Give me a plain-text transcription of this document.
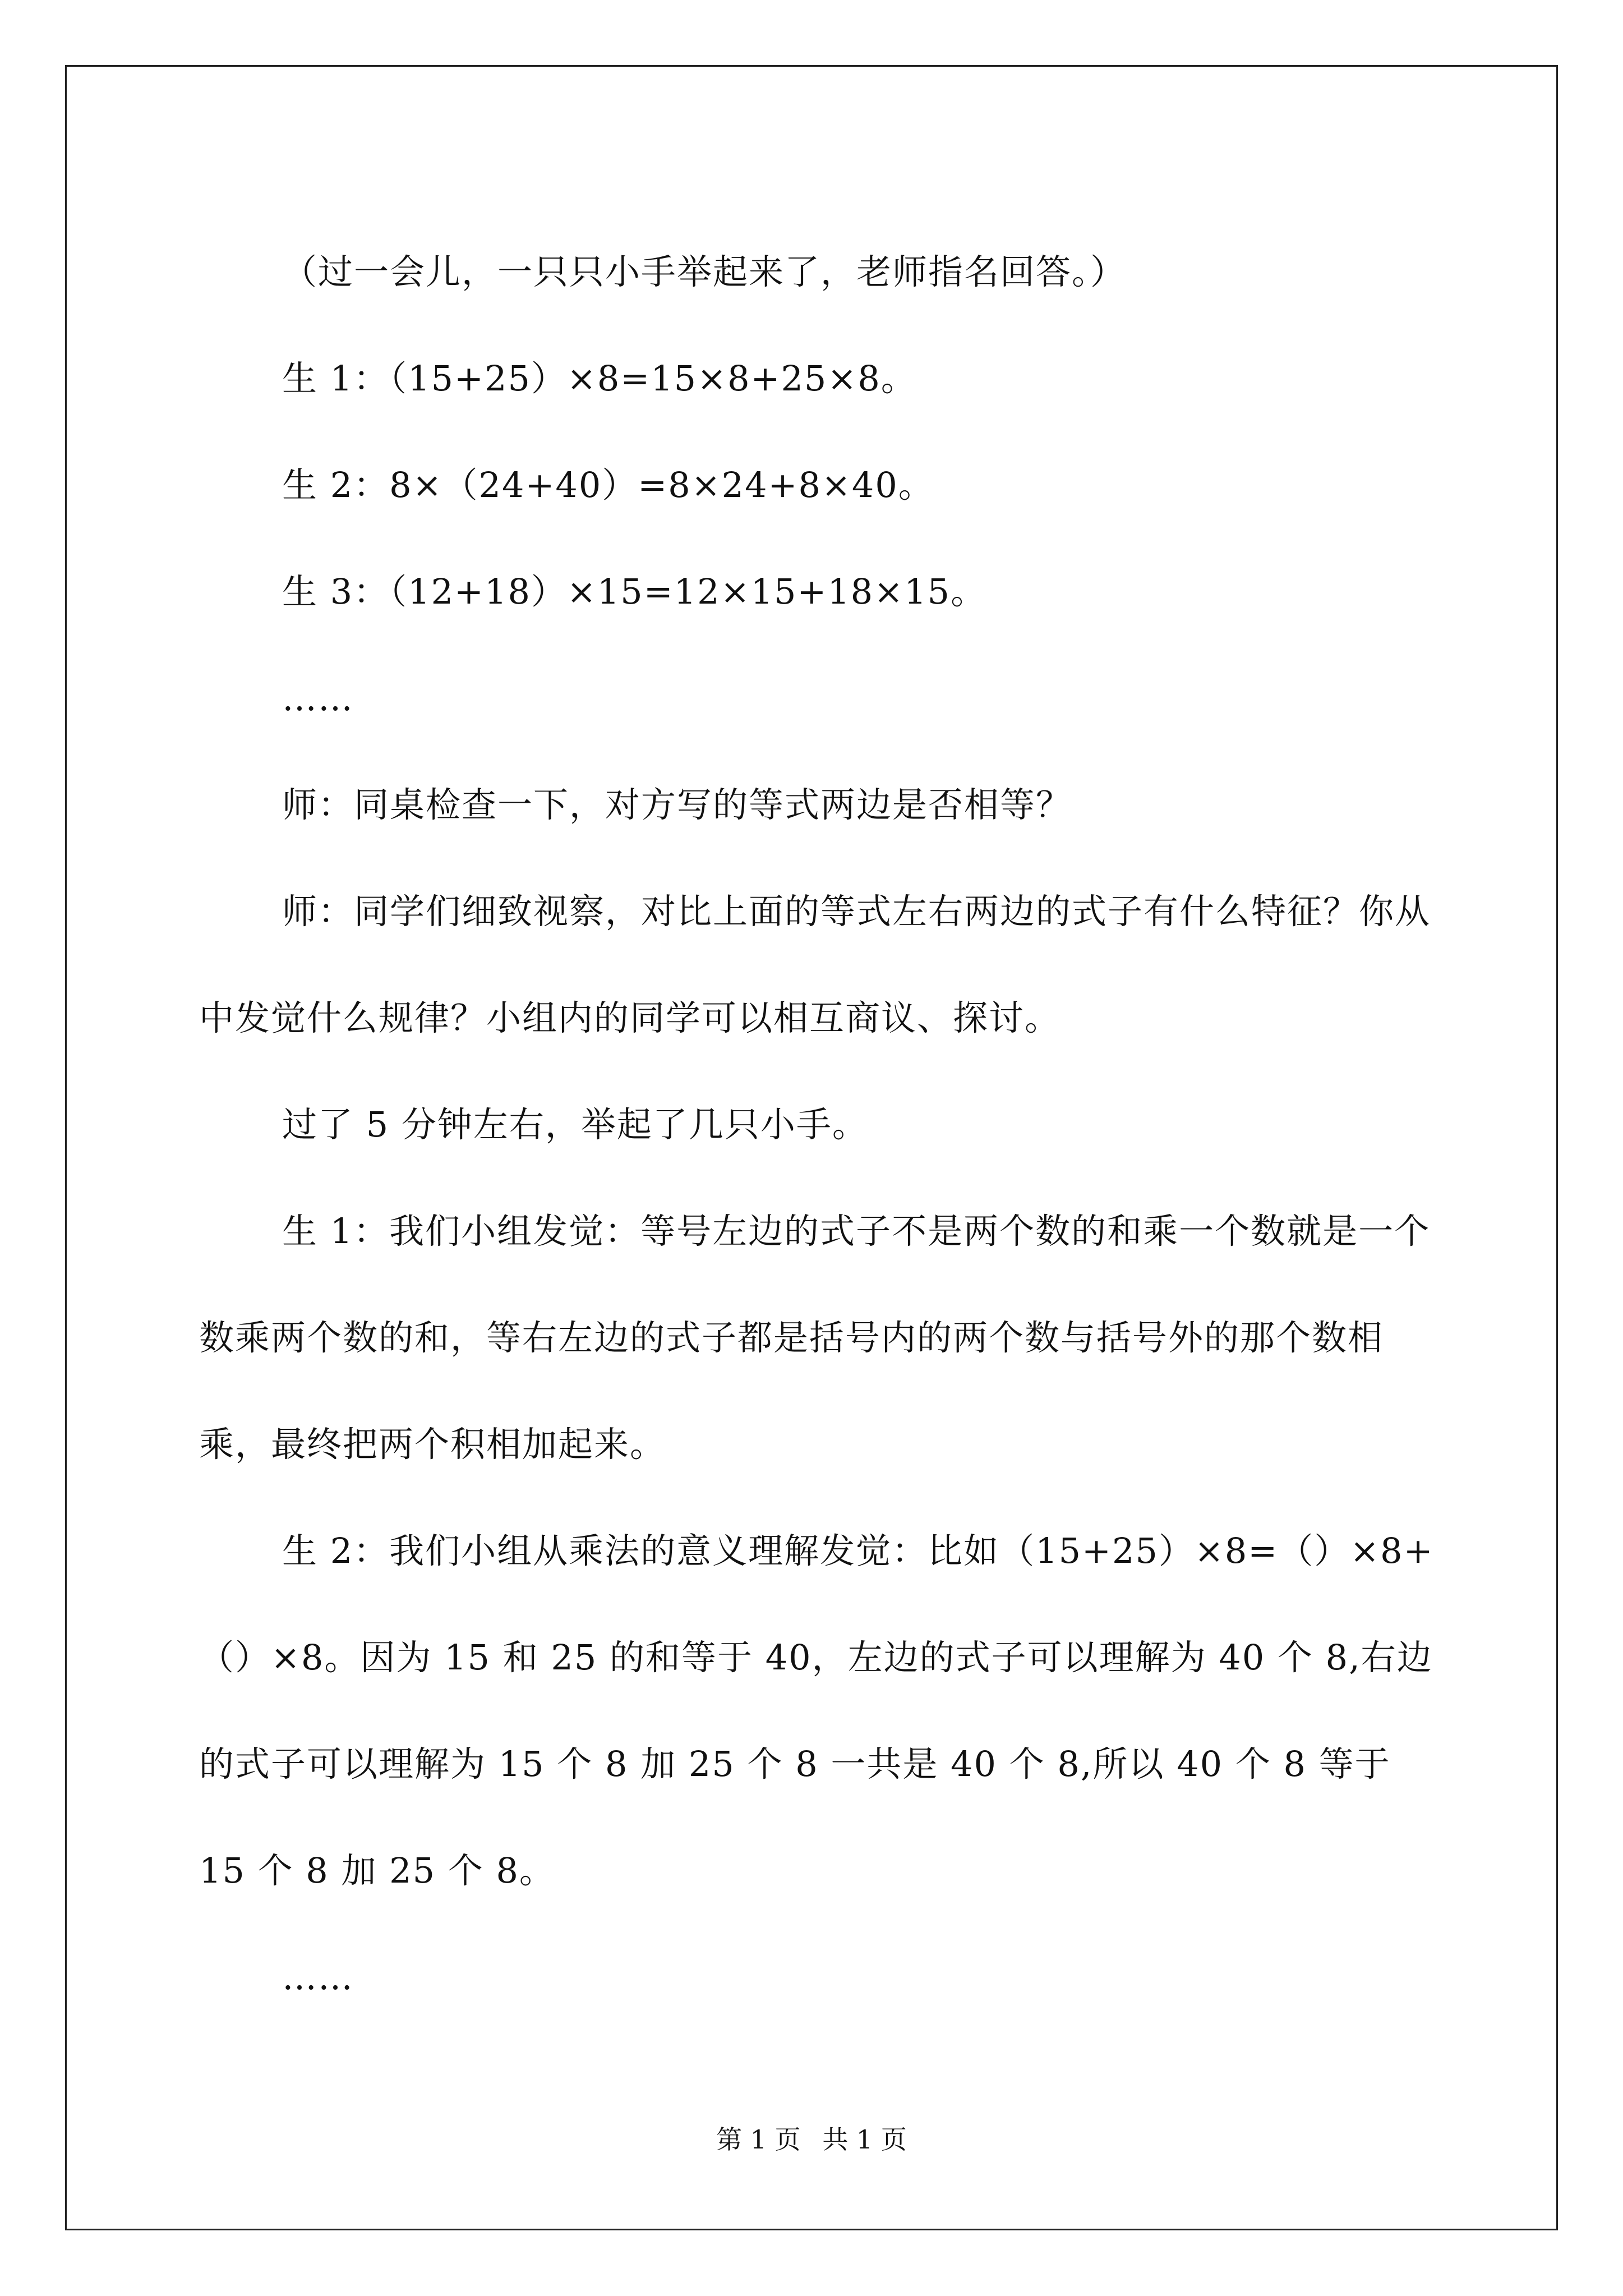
（过一会儿，一只只小手举起来了，老师指名回答。）

生 1：（15+25）×8=15×8+25×8。

生 2：8×（24+40）=8×24+8×40。

生 3：（12+18）×15=12×15+18×15。

……

师：同桌检查一下，对方写的等式两边是否相等？

师：同学们细致视察，对比上面的等式左右两边的式子有什么特征？你从中发觉什么规律？小组内的同学可以相互商议、探讨。

过了 5 分钟左右，举起了几只小手。

生 1：我们小组发觉：等号左边的式子不是两个数的和乘一个数就是一个数乘两个数的和，等右左边的式子都是括号内的两个数与括号外的那个数相乘，最终把两个积相加起来。

生 2：我们小组从乘法的意义理解发觉：比如（15+25）×8=（）×8+（）×8。因为 15 和 25 的和等于 40，左边的式子可以理解为 40 个 8,右边的式子可以理解为 15 个 8 加 25 个 8 一共是 40 个 8,所以 40 个 8 等于 15 个 8 加 25 个 8。

……

第 1 页 共 1 页
